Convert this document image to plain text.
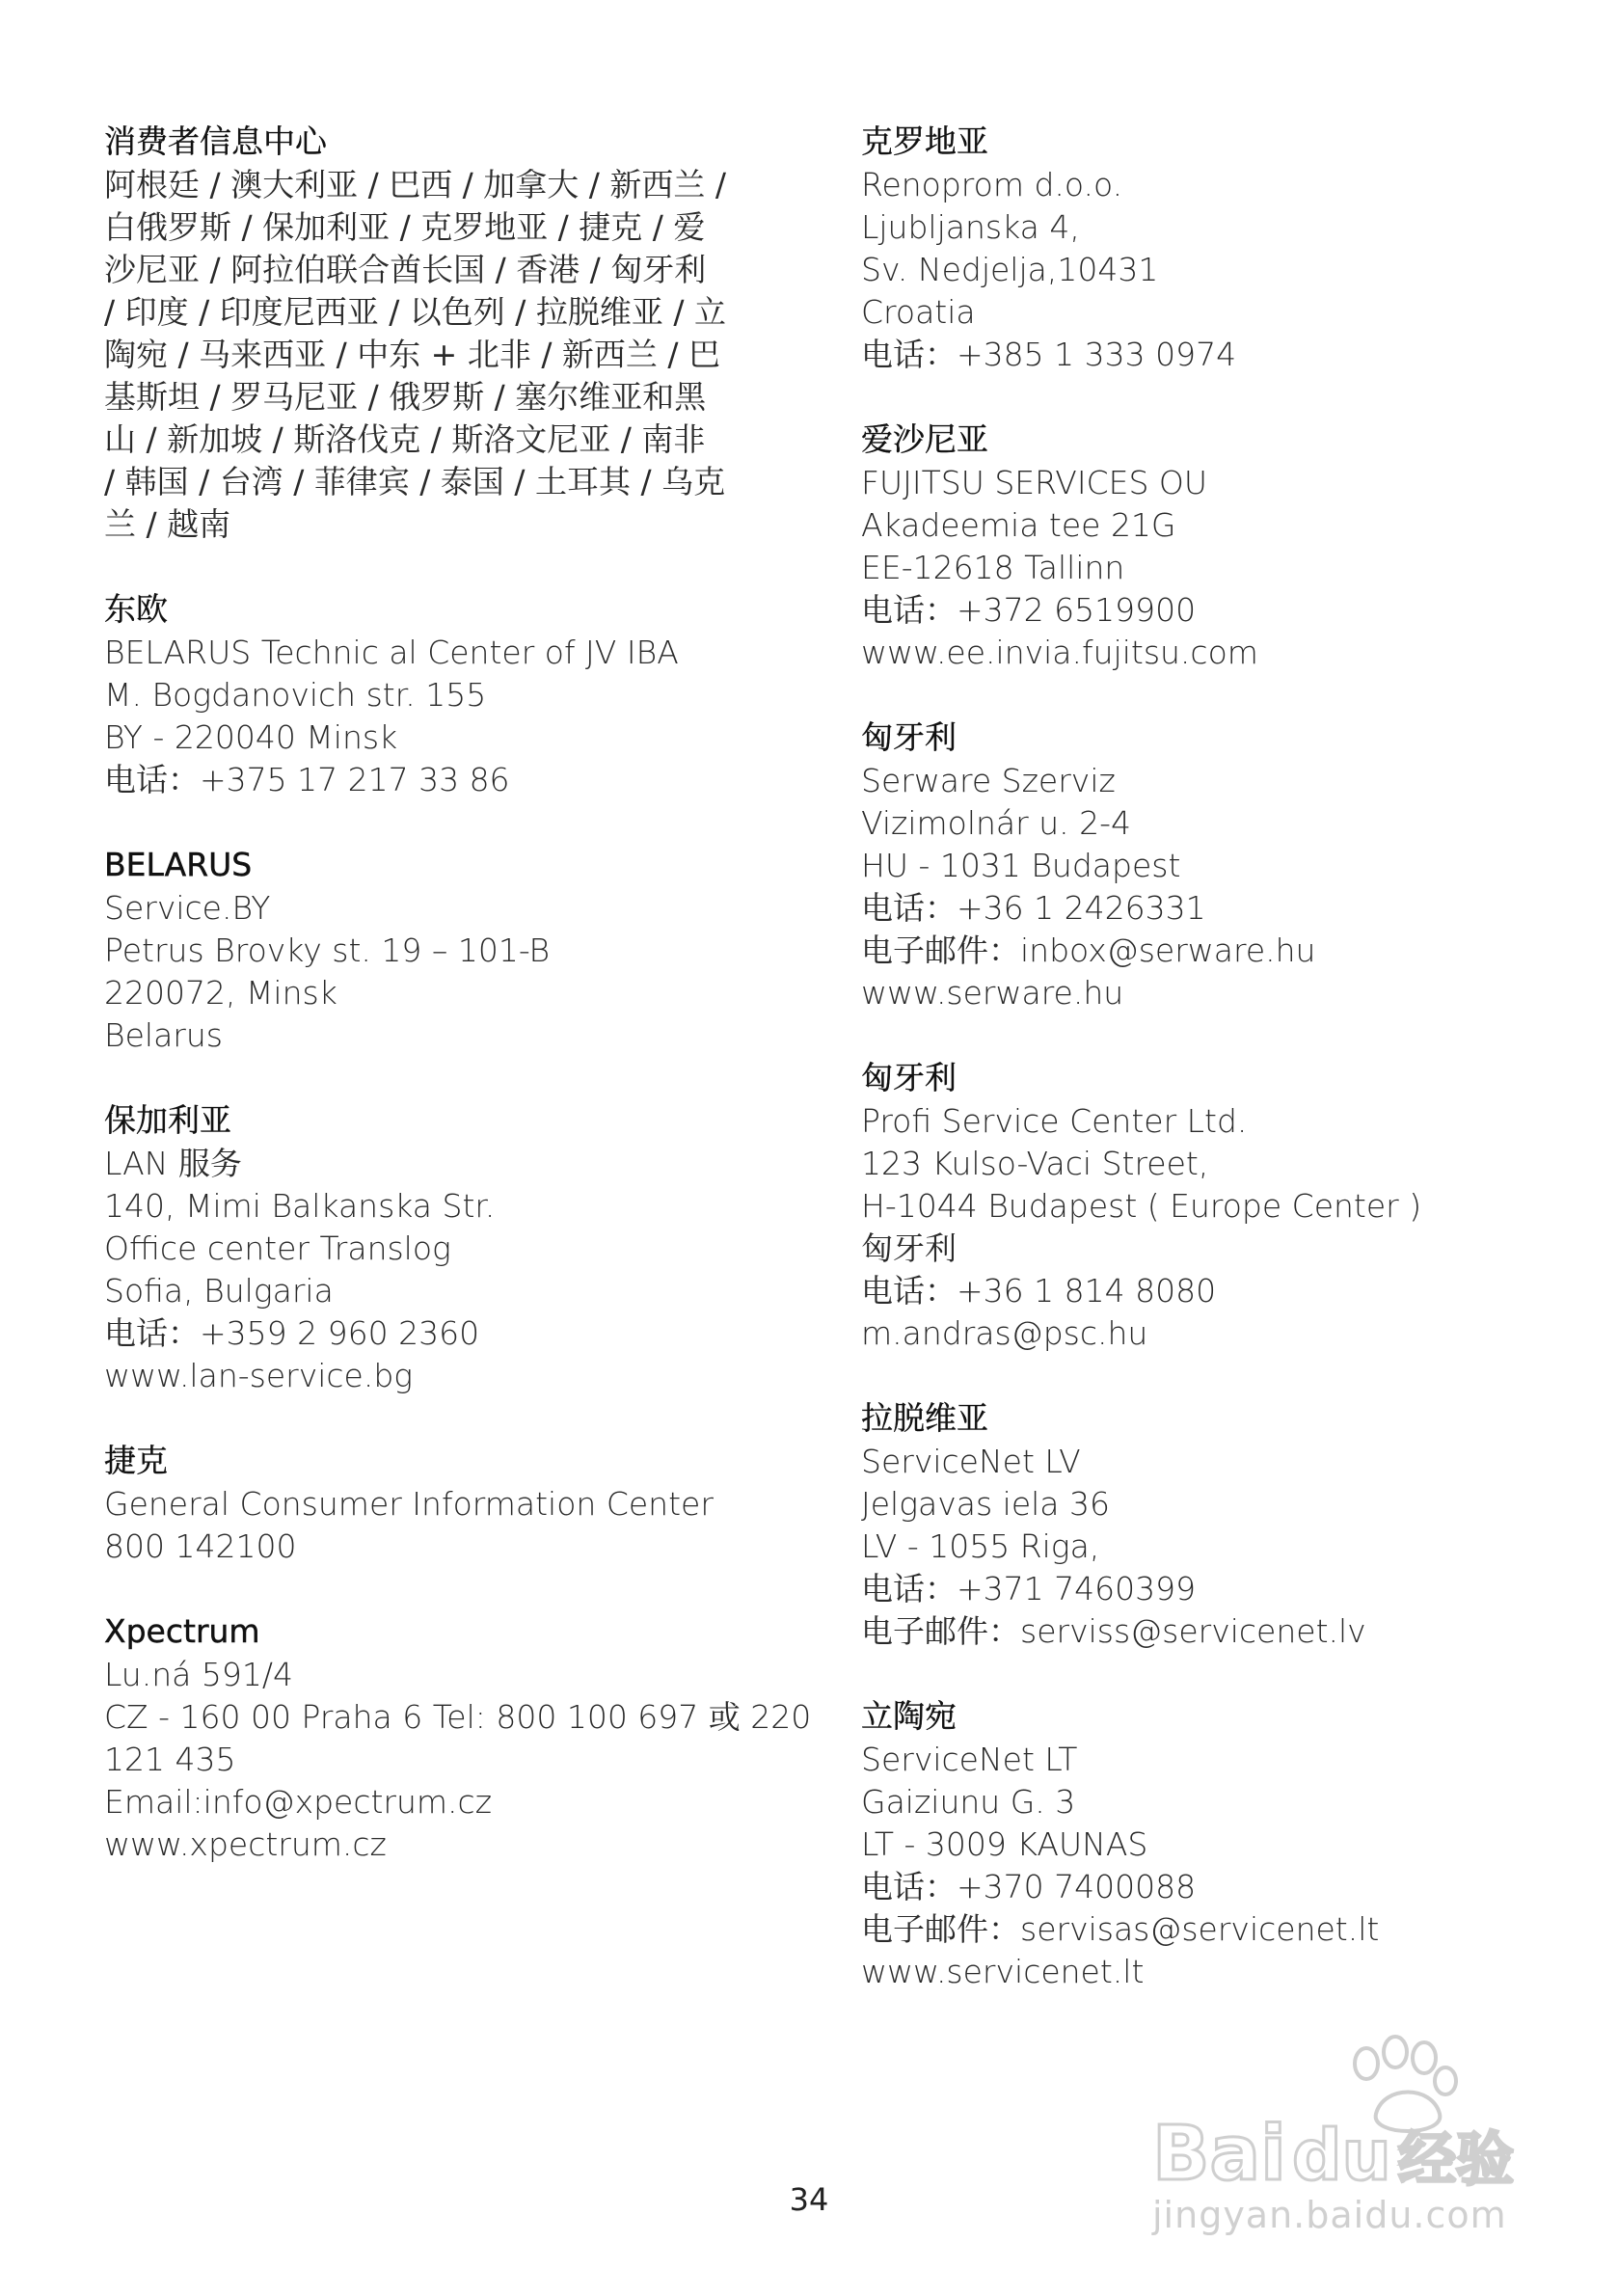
消费者信息中心
阿根廷 / 澳大利亚 / 巴西 / 加拿大 / 新西兰 /
白俄罗斯 / 保加利亚 / 克罗地亚 / 捷克 / 爱
沙尼亚 / 阿拉伯联合酋长国 / 香港 / 匈牙利
/ 印度 / 印度尼西亚 / 以色列 / 拉脱维亚 / 立
陶宛 / 马来西亚 / 中东 + 北非 / 新西兰 / 巴
基斯坦 / 罗马尼亚 / 俄罗斯 / 塞尔维亚和黑
山 / 新加坡 / 斯洛伐克 / 斯洛文尼亚 / 南非
/ 韩国 / 台湾 / 菲律宾 / 泰国 / 土耳其 / 乌克
兰 / 越南
东欧
BELARUS Technic al Center of JV IBA
M. Bogdanovich str. 155
BY - 220040 Minsk
电话：+375 17 217 33 86
BELARUS
Service.BY
Petrus Brovky st. 19 – 101-B
220072, Minsk
Belarus
保加利亚
LAN 服务
140, Mimi Balkanska Str.
Office center Translog
Sofia, Bulgaria
电话：+359 2 960 2360
www.lan-service.bg
捷克
General Consumer Information Center
800 142100
Xpectrum
Lu.ná 591/4
CZ - 160 00 Praha 6 Tel: 800 100 697 或 220
121 435
Email:info@xpectrum.cz
www.xpectrum.cz
克罗地亚
Renoprom d.o.o.
Ljubljanska 4,
Sv. Nedjelja,10431
Croatia
电话：+385 1 333 0974
爱沙尼亚
FUJITSU SERVICES OU
Akadeemia tee 21G
EE-12618 Tallinn
电话：+372 6519900
www.ee.invia.fujitsu.com
匈牙利
Serware Szerviz
Vizimolnár u. 2-4
HU - 1031 Budapest
电话：+36 1 2426331
电子邮件：inbox@serware.hu
www.serware.hu
匈牙利
Profi Service Center Ltd.
123 Kulso-Vaci Street,
H-1044 Budapest ( Europe Center )
匈牙利
电话：+36 1 814 8080
m.andras@psc.hu
拉脱维亚
ServiceNet LV
Jelgavas iela 36
LV - 1055 Riga,
电话：+371 7460399
电子邮件：serviss@servicenet.lv
立陶宛
ServiceNet LT
Gaiziunu G. 3
LT - 3009 KAUNAS
电话：+370 7400088
电子邮件：servisas@servicenet.lt
www.servicenet.lt
34
Bai du 经验
jingyan.baidu.com
